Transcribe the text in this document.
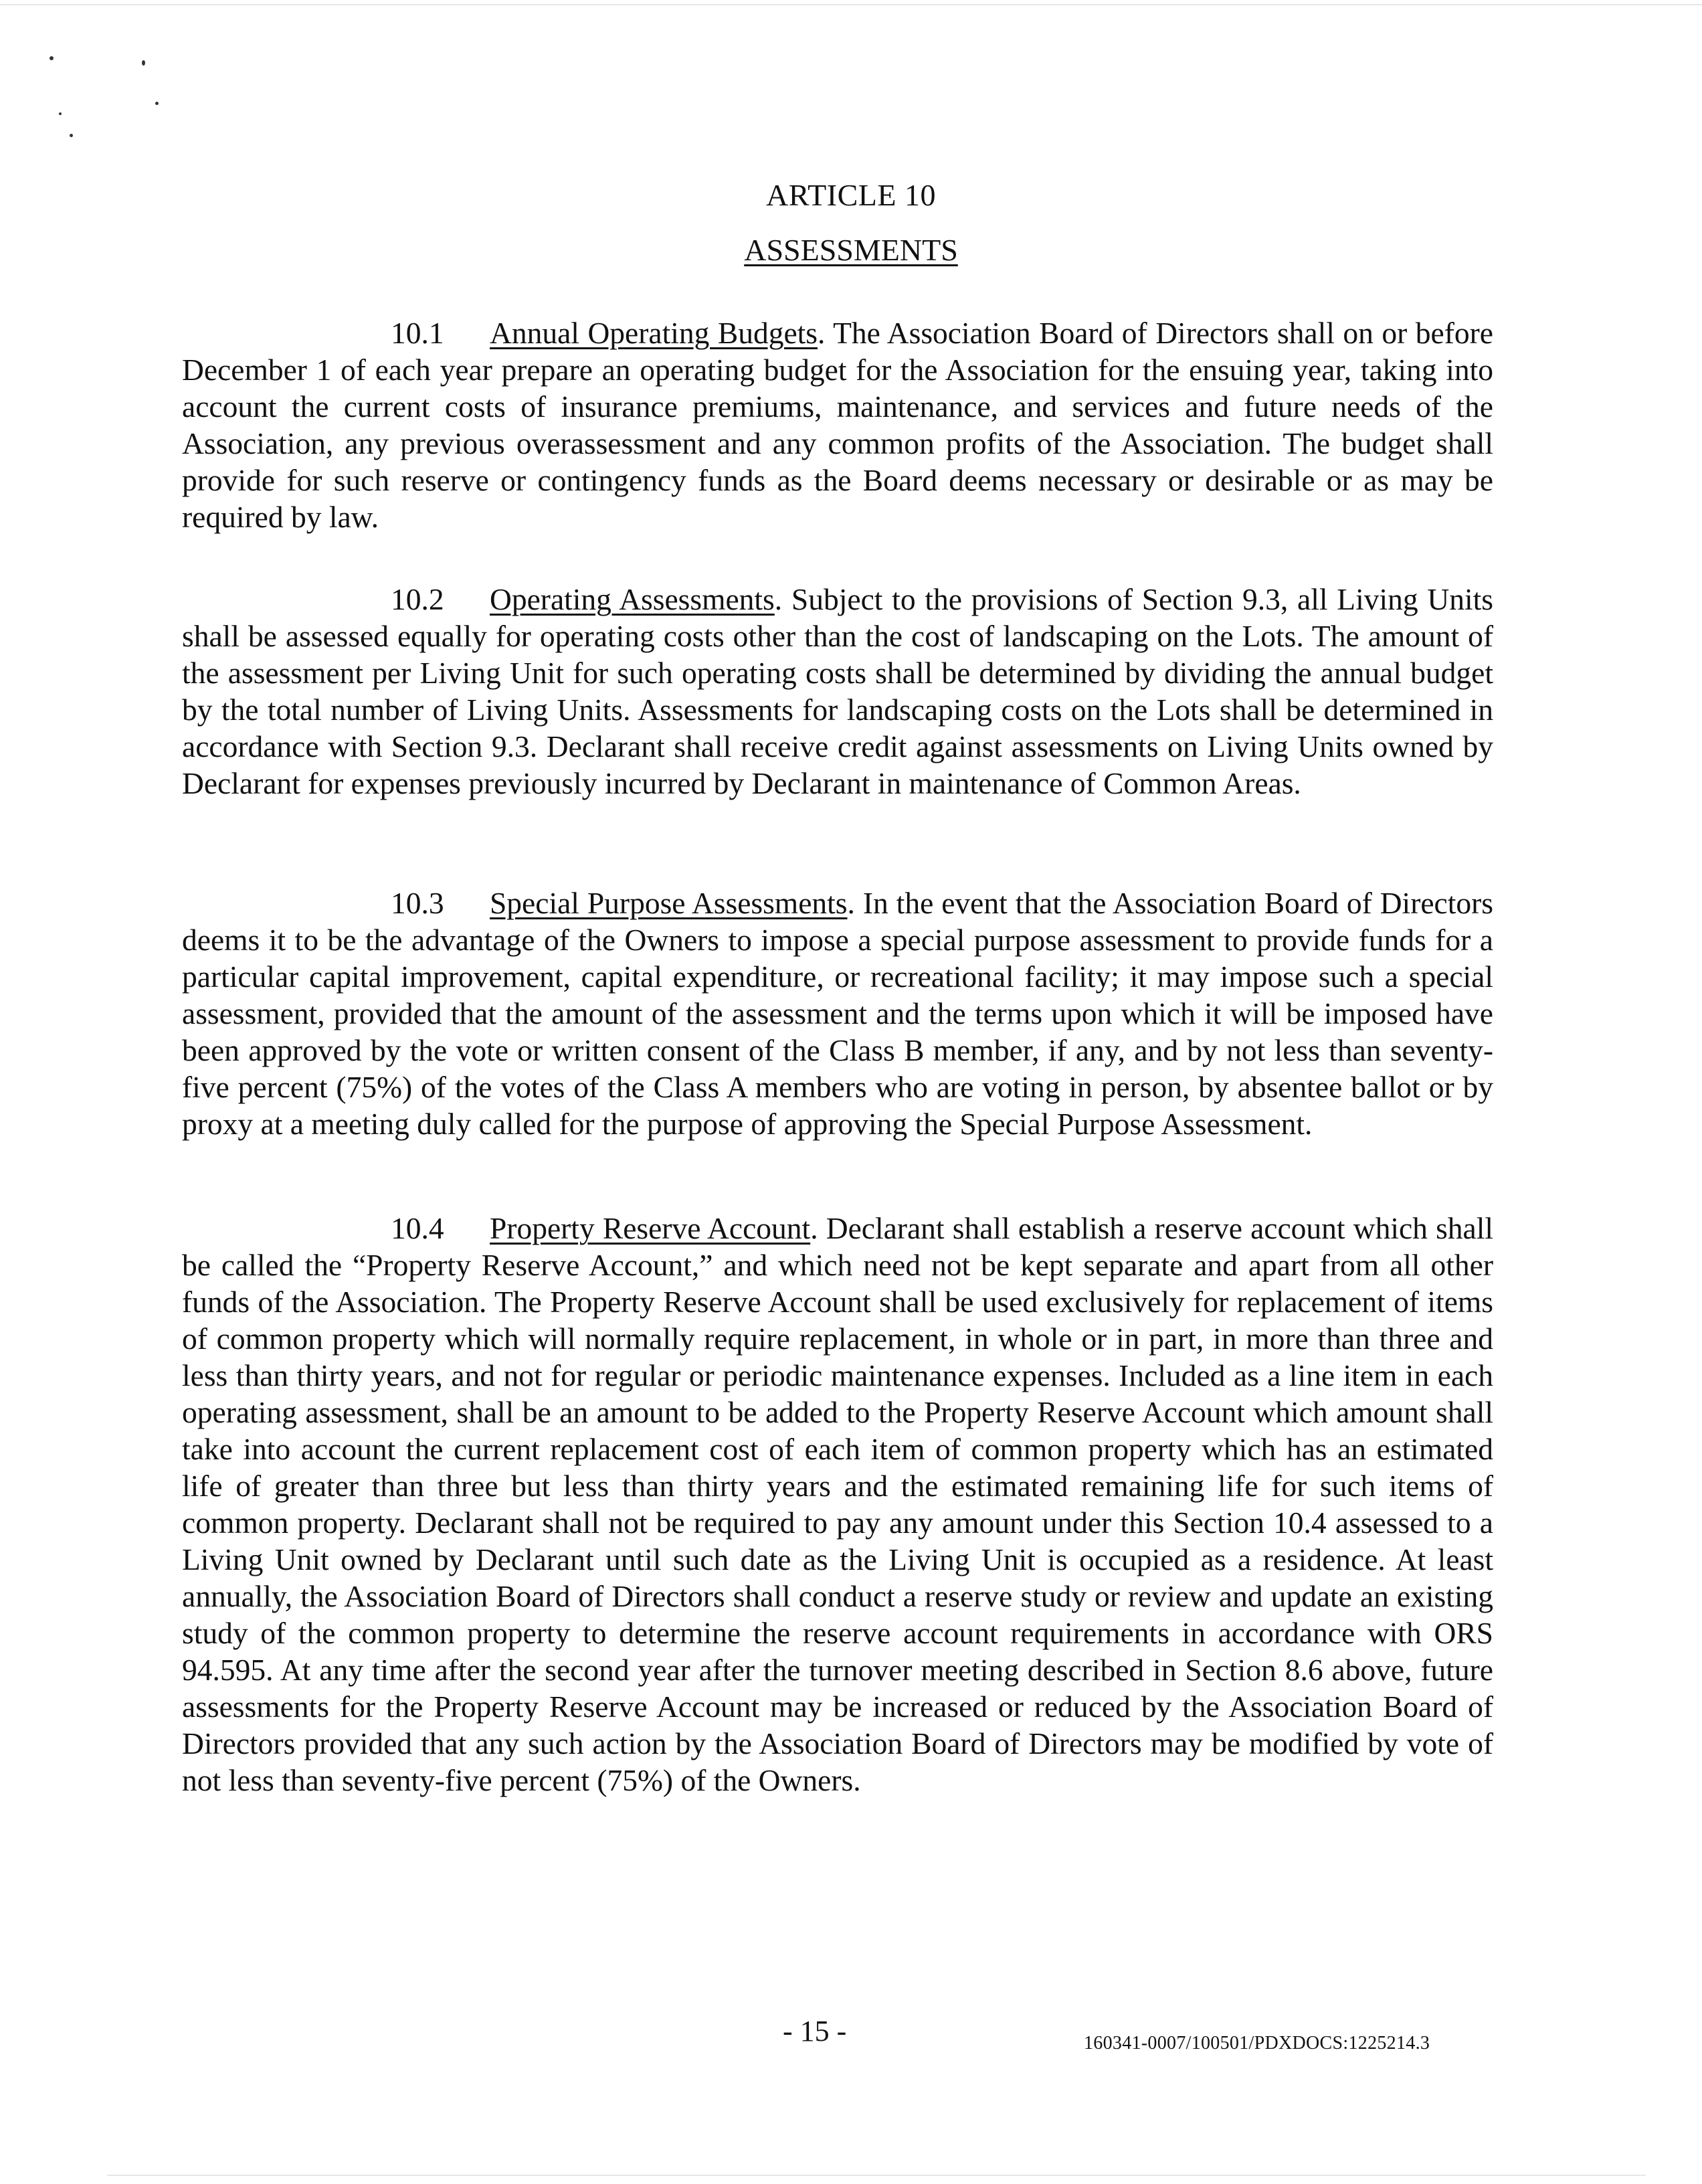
ARTICLE 10
ASSESSMENTS

10.1 Annual Operating Budgets. The Association Board of Directors shall on or before December 1 of each year prepare an operating budget for the Association for the ensuing year, taking into account the current costs of insurance premiums, maintenance, and services and future needs of the Association, any previous overassessment and any common profits of the Association. The budget shall provide for such reserve or contingency funds as the Board deems necessary or desirable or as may be required by law.

10.2 Operating Assessments. Subject to the provisions of Section 9.3, all Living Units shall be assessed equally for operating costs other than the cost of landscaping on the Lots. The amount of the assessment per Living Unit for such operating costs shall be determined by dividing the annual budget by the total number of Living Units. Assessments for landscaping costs on the Lots shall be determined in accordance with Section 9.3. Declarant shall receive credit against assessments on Living Units owned by Declarant for expenses previously incurred by Declarant in maintenance of Common Areas.

10.3 Special Purpose Assessments. In the event that the Association Board of Directors deems it to be the advantage of the Owners to impose a special purpose assessment to provide funds for a particular capital improvement, capital expenditure, or recreational facility; it may impose such a special assessment, provided that the amount of the assessment and the terms upon which it will be imposed have been approved by the vote or written consent of the Class B member, if any, and by not less than seventy-five percent (75%) of the votes of the Class A members who are voting in person, by absentee ballot or by proxy at a meeting duly called for the purpose of approving the Special Purpose Assessment.

10.4 Property Reserve Account. Declarant shall establish a reserve account which shall be called the “Property Reserve Account,” and which need not be kept separate and apart from all other funds of the Association. The Property Reserve Account shall be used exclusively for replacement of items of common property which will normally require replacement, in whole or in part, in more than three and less than thirty years, and not for regular or periodic maintenance expenses. Included as a line item in each operating assessment, shall be an amount to be added to the Property Reserve Account which amount shall take into account the current replacement cost of each item of common property which has an estimated life of greater than three but less than thirty years and the estimated remaining life for such items of common property. Declarant shall not be required to pay any amount under this Section 10.4 assessed to a Living Unit owned by Declarant until such date as the Living Unit is occupied as a residence. At least annually, the Association Board of Directors shall conduct a reserve study or review and update an existing study of the common property to determine the reserve account requirements in accordance with ORS 94.595. At any time after the second year after the turnover meeting described in Section 8.6 above, future assessments for the Property Reserve Account may be increased or reduced by the Association Board of Directors provided that any such action by the Association Board of Directors may be modified by vote of not less than seventy-five percent (75%) of the Owners.

- 15 -	160341-0007/100501/PDXDOCS:1225214.3
